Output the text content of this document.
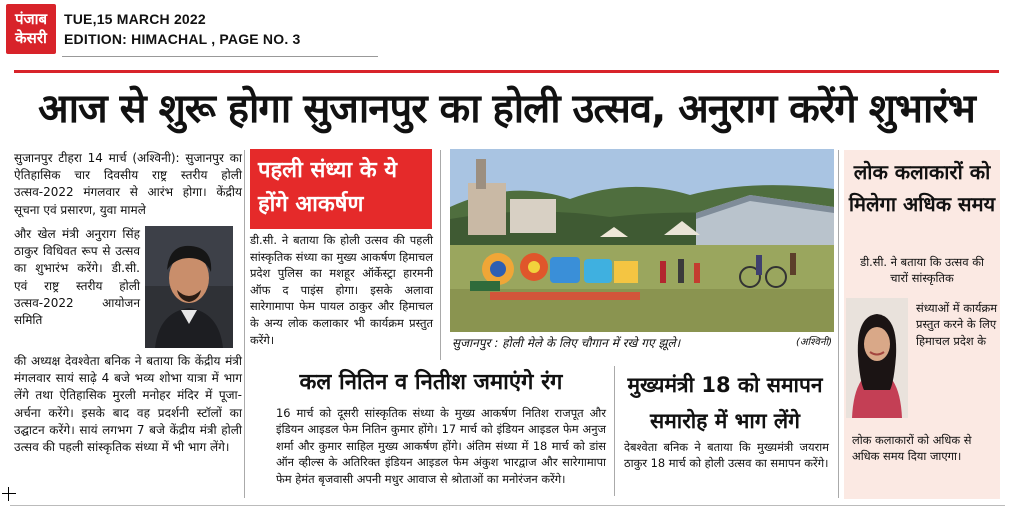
पंजाब
केसरी
TUE,15 MARCH 2022
EDITION: HIMACHAL , PAGE NO. 3
आज से शुरू होगा सुजानपुर का होली उत्सव, अनुराग करेंगे शुभारंभ
सुजानपुर टीहरा 14 मार्च (अश्विनी): सुजानपुर का ऐतिहासिक चार दिवसीय राष्ट्र स्तरीय होली उत्सव-2022 मंगलवार से आरंभ होगा। केंद्रीय सूचना एवं प्रसारण, युवा मामले
और खेल मंत्री अनुराग सिंह ठाकुर विधिवत रूप से उत्सव का शुभारंभ करेंगे। डी.सी. एवं राष्ट्र स्तरीय होली उत्सव-2022 आयोजन समिति
की अध्यक्ष देवश्वेता बनिक ने बताया कि केंद्रीय मंत्री मंगलवार सायं साढ़े 4 बजे भव्य शोभा यात्रा में भाग लेंगे तथा ऐतिहासिक मुरली मनोहर मंदिर में पूजा-अर्चना करेंगे। इसके बाद वह प्रदर्शनी स्टॉलों का उद्घाटन करेंगे। सायं लगभग 7 बजे केंद्रीय मंत्री होली उत्सव की पहली सांस्कृतिक संध्या में भी भाग लेंगे।
पहली संध्या के ये होंगे आकर्षण
डी.सी. ने बताया कि होली उत्सव की पहली सांस्कृतिक संध्या का मुख्य आकर्षण हिमाचल प्रदेश पुलिस का मशहूर ऑर्केस्ट्रा हारमनी ऑफ द पाइंस होगा। इसके अलावा सारेगामापा फेम पायल ठाकुर और हिमाचल के अन्य लोक कलाकार भी कार्यक्रम प्रस्तुत करेंगे।	सुजानपुर : होली मेले के लिए चौगान में रखे गए झूले।	(अश्विनी)
कल नितिन व नितीश जमाएंगे रंग
16 मार्च को दूसरी सांस्कृतिक संध्या के मुख्य आकर्षण नितिश राजपूत और इंडियन आइडल फेम नितिन कुमार होंगे। 17 मार्च को इंडियन आइडल फेम अनुज शर्मा और कुमार साहिल मुख्य आकर्षण होंगे। अंतिम संध्या में 18 मार्च को डांस ऑन व्हील्स के अतिरिक्त इंडियन आइडल फेम अंकुश भारद्वाज और सारेगामापा फेम हेमंत बृजवासी अपनी मधुर आवाज से श्रोताओं का मनोरंजन करेंगे।
मुख्यमंत्री 18 को समापन समारोह में भाग लेंगे
देबश्वेता बनिक ने बताया कि मुख्यमंत्री जयराम ठाकुर 18 मार्च को होली उत्सव का समापन करेंगे।
लोक कलाकारों को मिलेगा अधिक समय
डी.सी. ने बताया कि उत्सव की चारों सांस्कृतिक
संध्याओं में कार्यक्रम प्रस्तुत करने के लिए हिमाचल प्रदेश के
लोक कलाकारों को अधिक से अधिक समय दिया जाएगा।
